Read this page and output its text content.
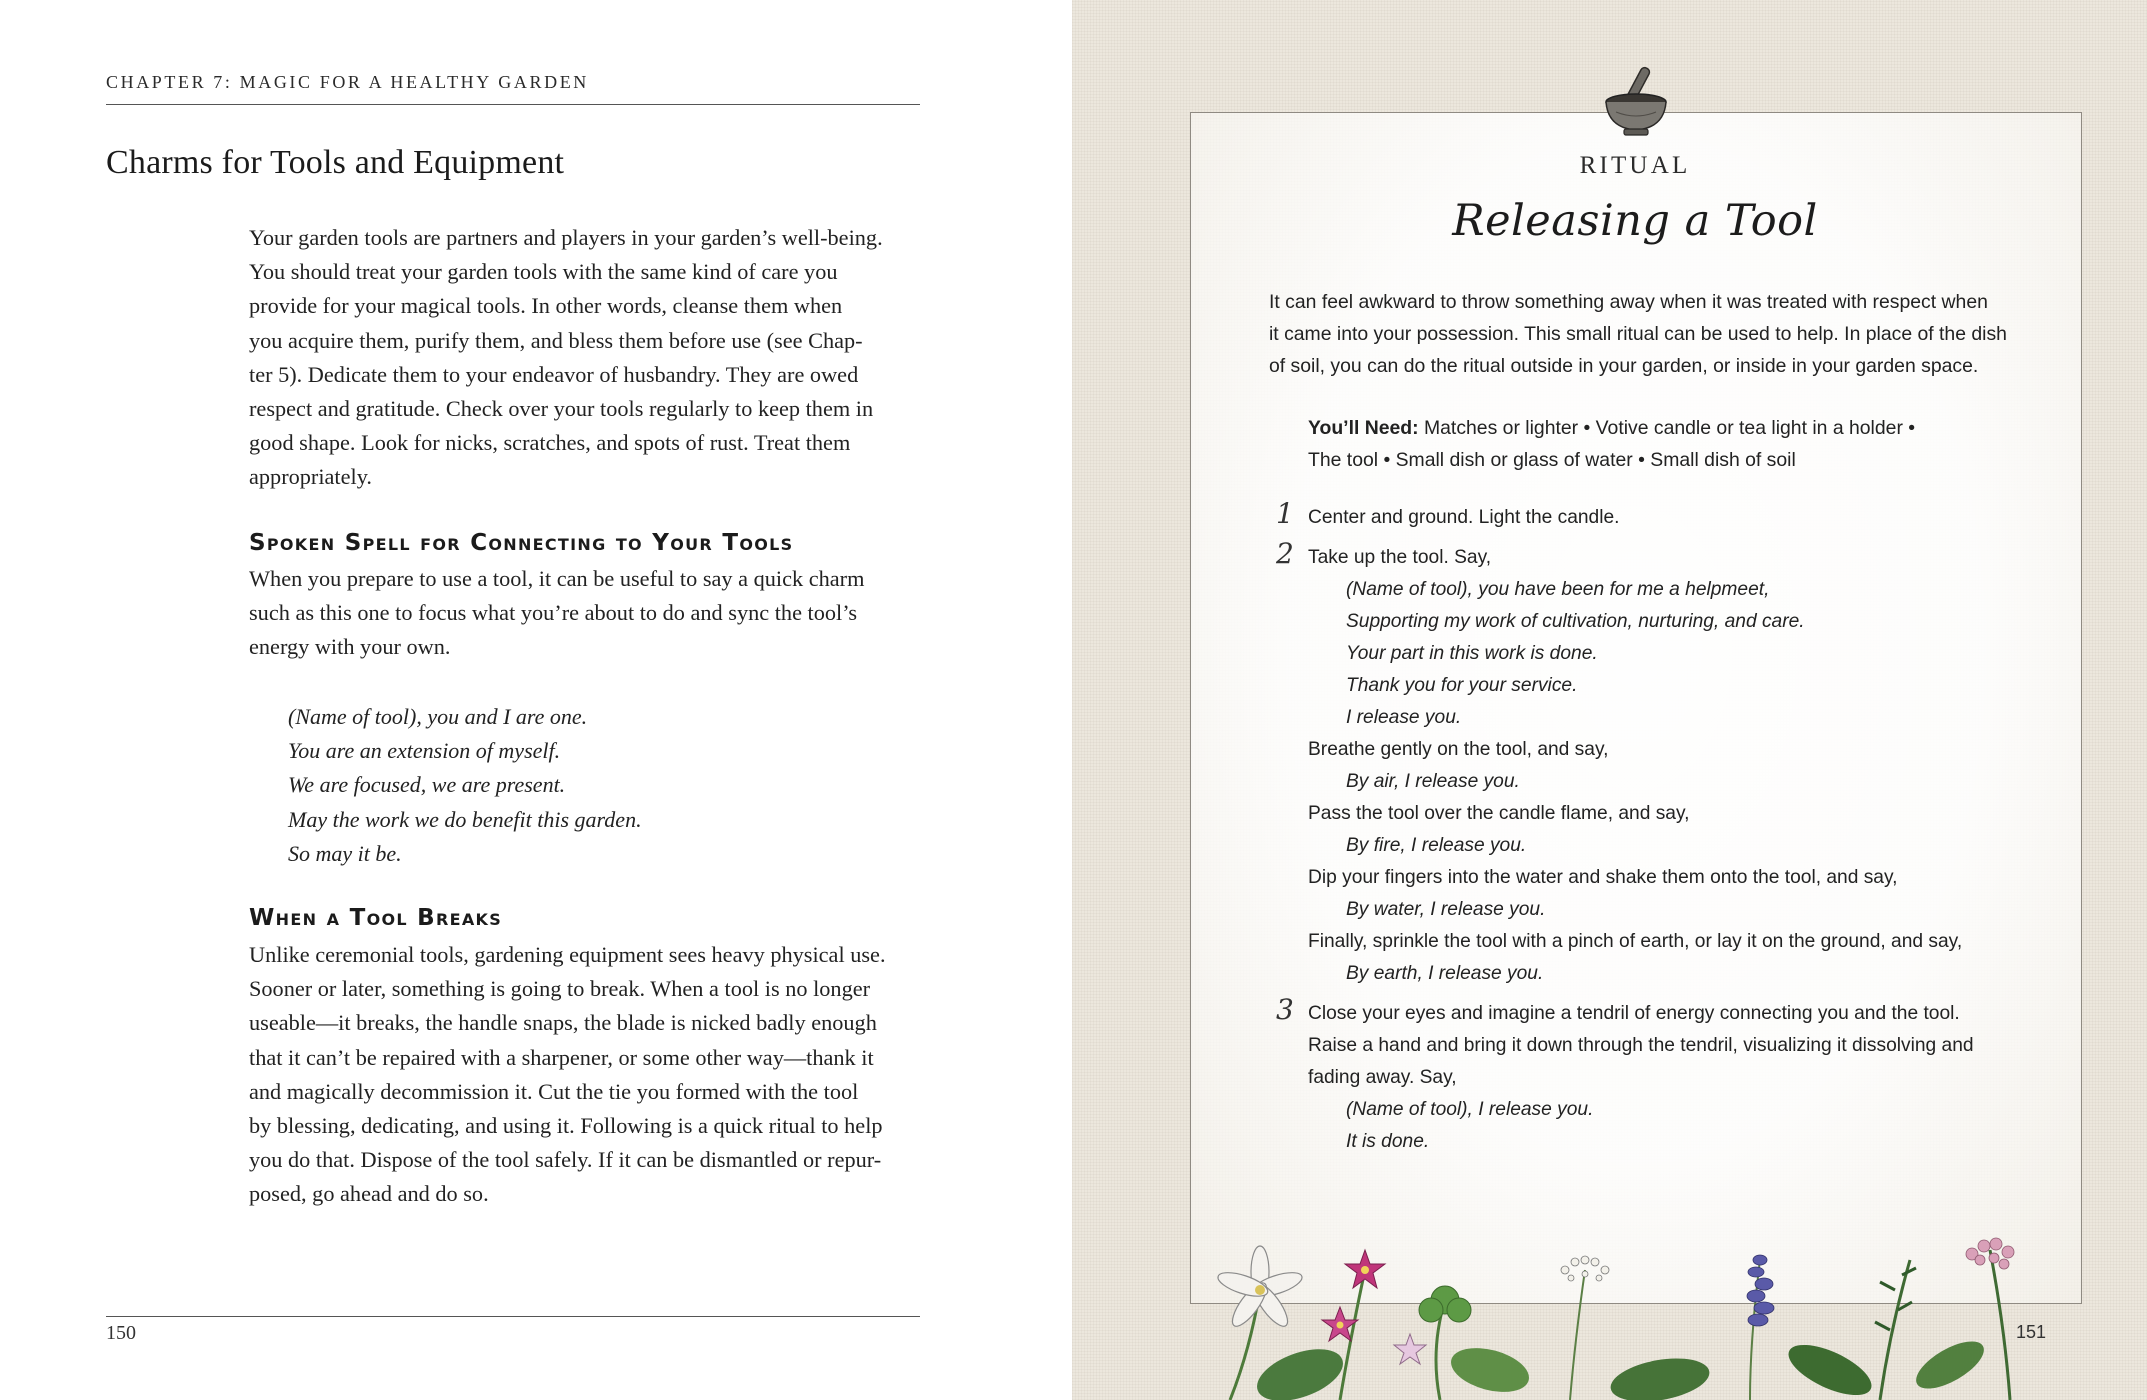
CHAPTER 7: MAGIC FOR A HEALTHY GARDEN
Charms for Tools and Equipment
Your garden tools are partners and players in your garden’s well-being.
You should treat your garden tools with the same kind of care you
provide for your magical tools. In other words, cleanse them when
you acquire them, purify them, and bless them before use (see Chap-
ter 5). Dedicate them to your endeavor of husbandry. They are owed
respect and gratitude. Check over your tools regularly to keep them in
good shape. Look for nicks, scratches, and spots of rust. Treat them
appropriately.
Spoken Spell for Connecting to Your Tools
When you prepare to use a tool, it can be useful to say a quick charm
such as this one to focus what you’re about to do and sync the tool’s
energy with your own.
(Name of tool), you and I are one.
You are an extension of myself.
We are focused, we are present.
May the work we do benefit this garden.
So may it be.
When a Tool Breaks
Unlike ceremonial tools, gardening equipment sees heavy physical use.
Sooner or later, something is going to break. When a tool is no longer
useable—it breaks, the handle snaps, the blade is nicked badly enough
that it can’t be repaired with a sharpener, or some other way—thank it
and magically decommission it. Cut the tie you formed with the tool
by blessing, dedicating, and using it. Following is a quick ritual to help
you do that. Dispose of the tool safely. If it can be dismantled or repur-
posed, go ahead and do so.
150
RITUAL
Releasing a Tool
It can feel awkward to throw something away when it was treated with respect when
it came into your possession. This small ritual can be used to help. In place of the dish
of soil, you can do the ritual outside in your garden, or inside in your garden space.
You’ll Need: Matches or lighter • Votive candle or tea light in a holder •
The tool • Small dish or glass of water • Small dish of soil
1 Center and ground. Light the candle.
2 Take up the tool. Say,
(Name of tool), you have been for me a helpmeet,
Supporting my work of cultivation, nurturing, and care.
Your part in this work is done.
Thank you for your service.
I release you.
Breathe gently on the tool, and say,
By air, I release you.
Pass the tool over the candle flame, and say,
By fire, I release you.
Dip your fingers into the water and shake them onto the tool, and say,
By water, I release you.
Finally, sprinkle the tool with a pinch of earth, or lay it on the ground, and say,
By earth, I release you.
3 Close your eyes and imagine a tendril of energy connecting you and the tool.
Raise a hand and bring it down through the tendril, visualizing it dissolving and
fading away. Say,
(Name of tool), I release you.
It is done.
151
